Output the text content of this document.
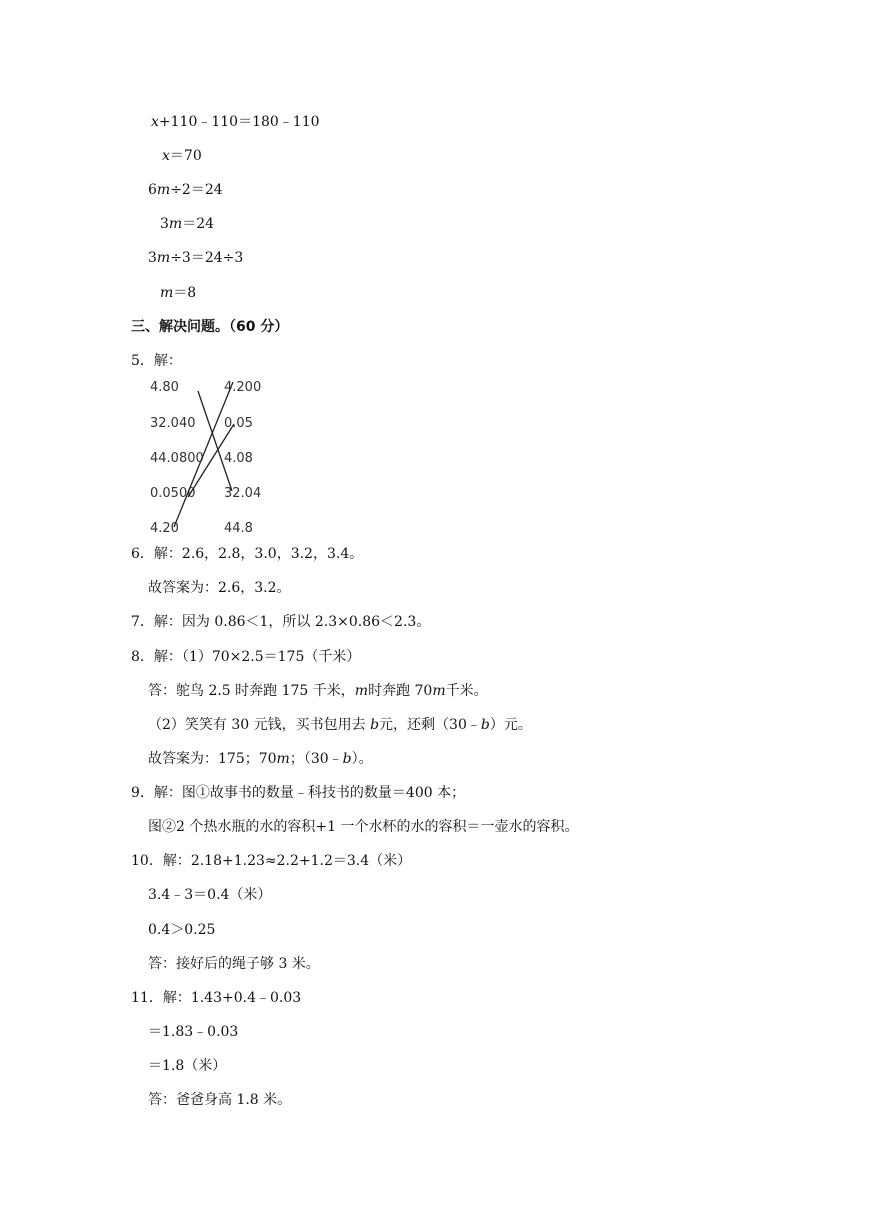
x+110﹣110＝180﹣110
x＝70
6m÷2＝24
3m＝24
3m÷3＝24÷3
m＝8
三、解决问题。（60 分）
5．解：
4.80
32.040
44.0800
0.0500
4.20
4.200
0.05
4.08
32.04
44.8
6．解：2.6，2.8，3.0，3.2，3.4。
故答案为：2.6，3.2。
7．解：因为 0.86＜1，所以 2.3×0.86＜2.3。
8．解：（1）70×2.5＝175（千米）
答：鸵鸟 2.5 时奔跑 175 千米，m时奔跑 70m千米。
（2）笑笑有 30 元钱，买书包用去 b元，还剩（30﹣b）元。
故答案为：175；70m；（30﹣b）。
9．解：图①故事书的数量﹣科技书的数量＝400 本；
图②2 个热水瓶的水的容积+1 一个水杯的水的容积＝一壶水的容积。
10．解：2.18+1.23≈2.2+1.2＝3.4（米）
3.4﹣3＝0.4（米）
0.4＞0.25
答：接好后的绳子够 3 米。
11．解：1.43+0.4﹣0.03
＝1.83﹣0.03
＝1.8（米）
答：爸爸身高 1.8 米。
